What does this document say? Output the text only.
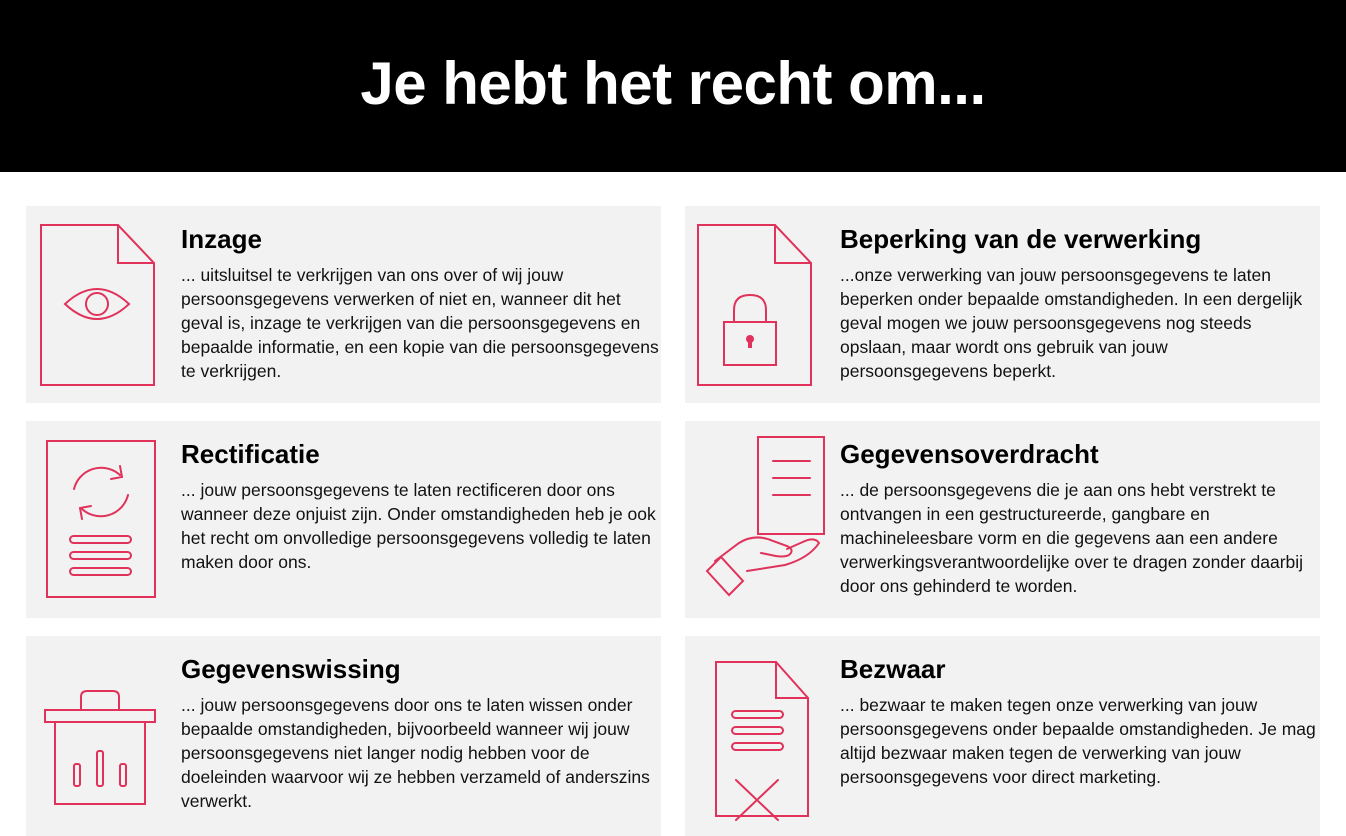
Je hebt het recht om...
Inzage

... uitsluitsel te verkrijgen van ons over of wij jouw persoonsgegevens verwerken of niet en, wanneer dit het geval is, inzage te verkrijgen van die persoonsgegevens en bepaalde informatie, en een kopie van die persoonsgegevens te verkrijgen.

Beperking van de verwerking

...onze verwerking van jouw persoonsgegevens te laten beperken onder bepaalde omstandigheden. In een dergelijk geval mogen we jouw persoonsgegevens nog steeds opslaan, maar wordt ons gebruik van jouw persoonsgegevens beperkt.

Rectificatie

... jouw persoonsgegevens te laten rectificeren door ons wanneer deze onjuist zijn. Onder omstandigheden heb je ook het recht om onvolledige persoonsgegevens volledig te laten maken door ons.

Gegevensoverdracht

... de persoonsgegevens die je aan ons hebt verstrekt te ontvangen in een gestructureerde, gangbare en machineleesbare vorm en die gegevens aan een andere verwerkingsverantwoordelijke over te dragen zonder daarbij door ons gehinderd te worden.

Gegevenswissing

... jouw persoonsgegevens door ons te laten wissen onder bepaalde omstandigheden, bijvoorbeeld wanneer wij jouw persoonsgegevens niet langer nodig hebben voor de doeleinden waarvoor wij ze hebben verzameld of anderszins verwerkt.

Bezwaar

... bezwaar te maken tegen onze verwerking van jouw persoonsgegevens onder bepaalde omstandigheden. Je mag altijd bezwaar maken tegen de verwerking van jouw persoonsgegevens voor direct marketing.
